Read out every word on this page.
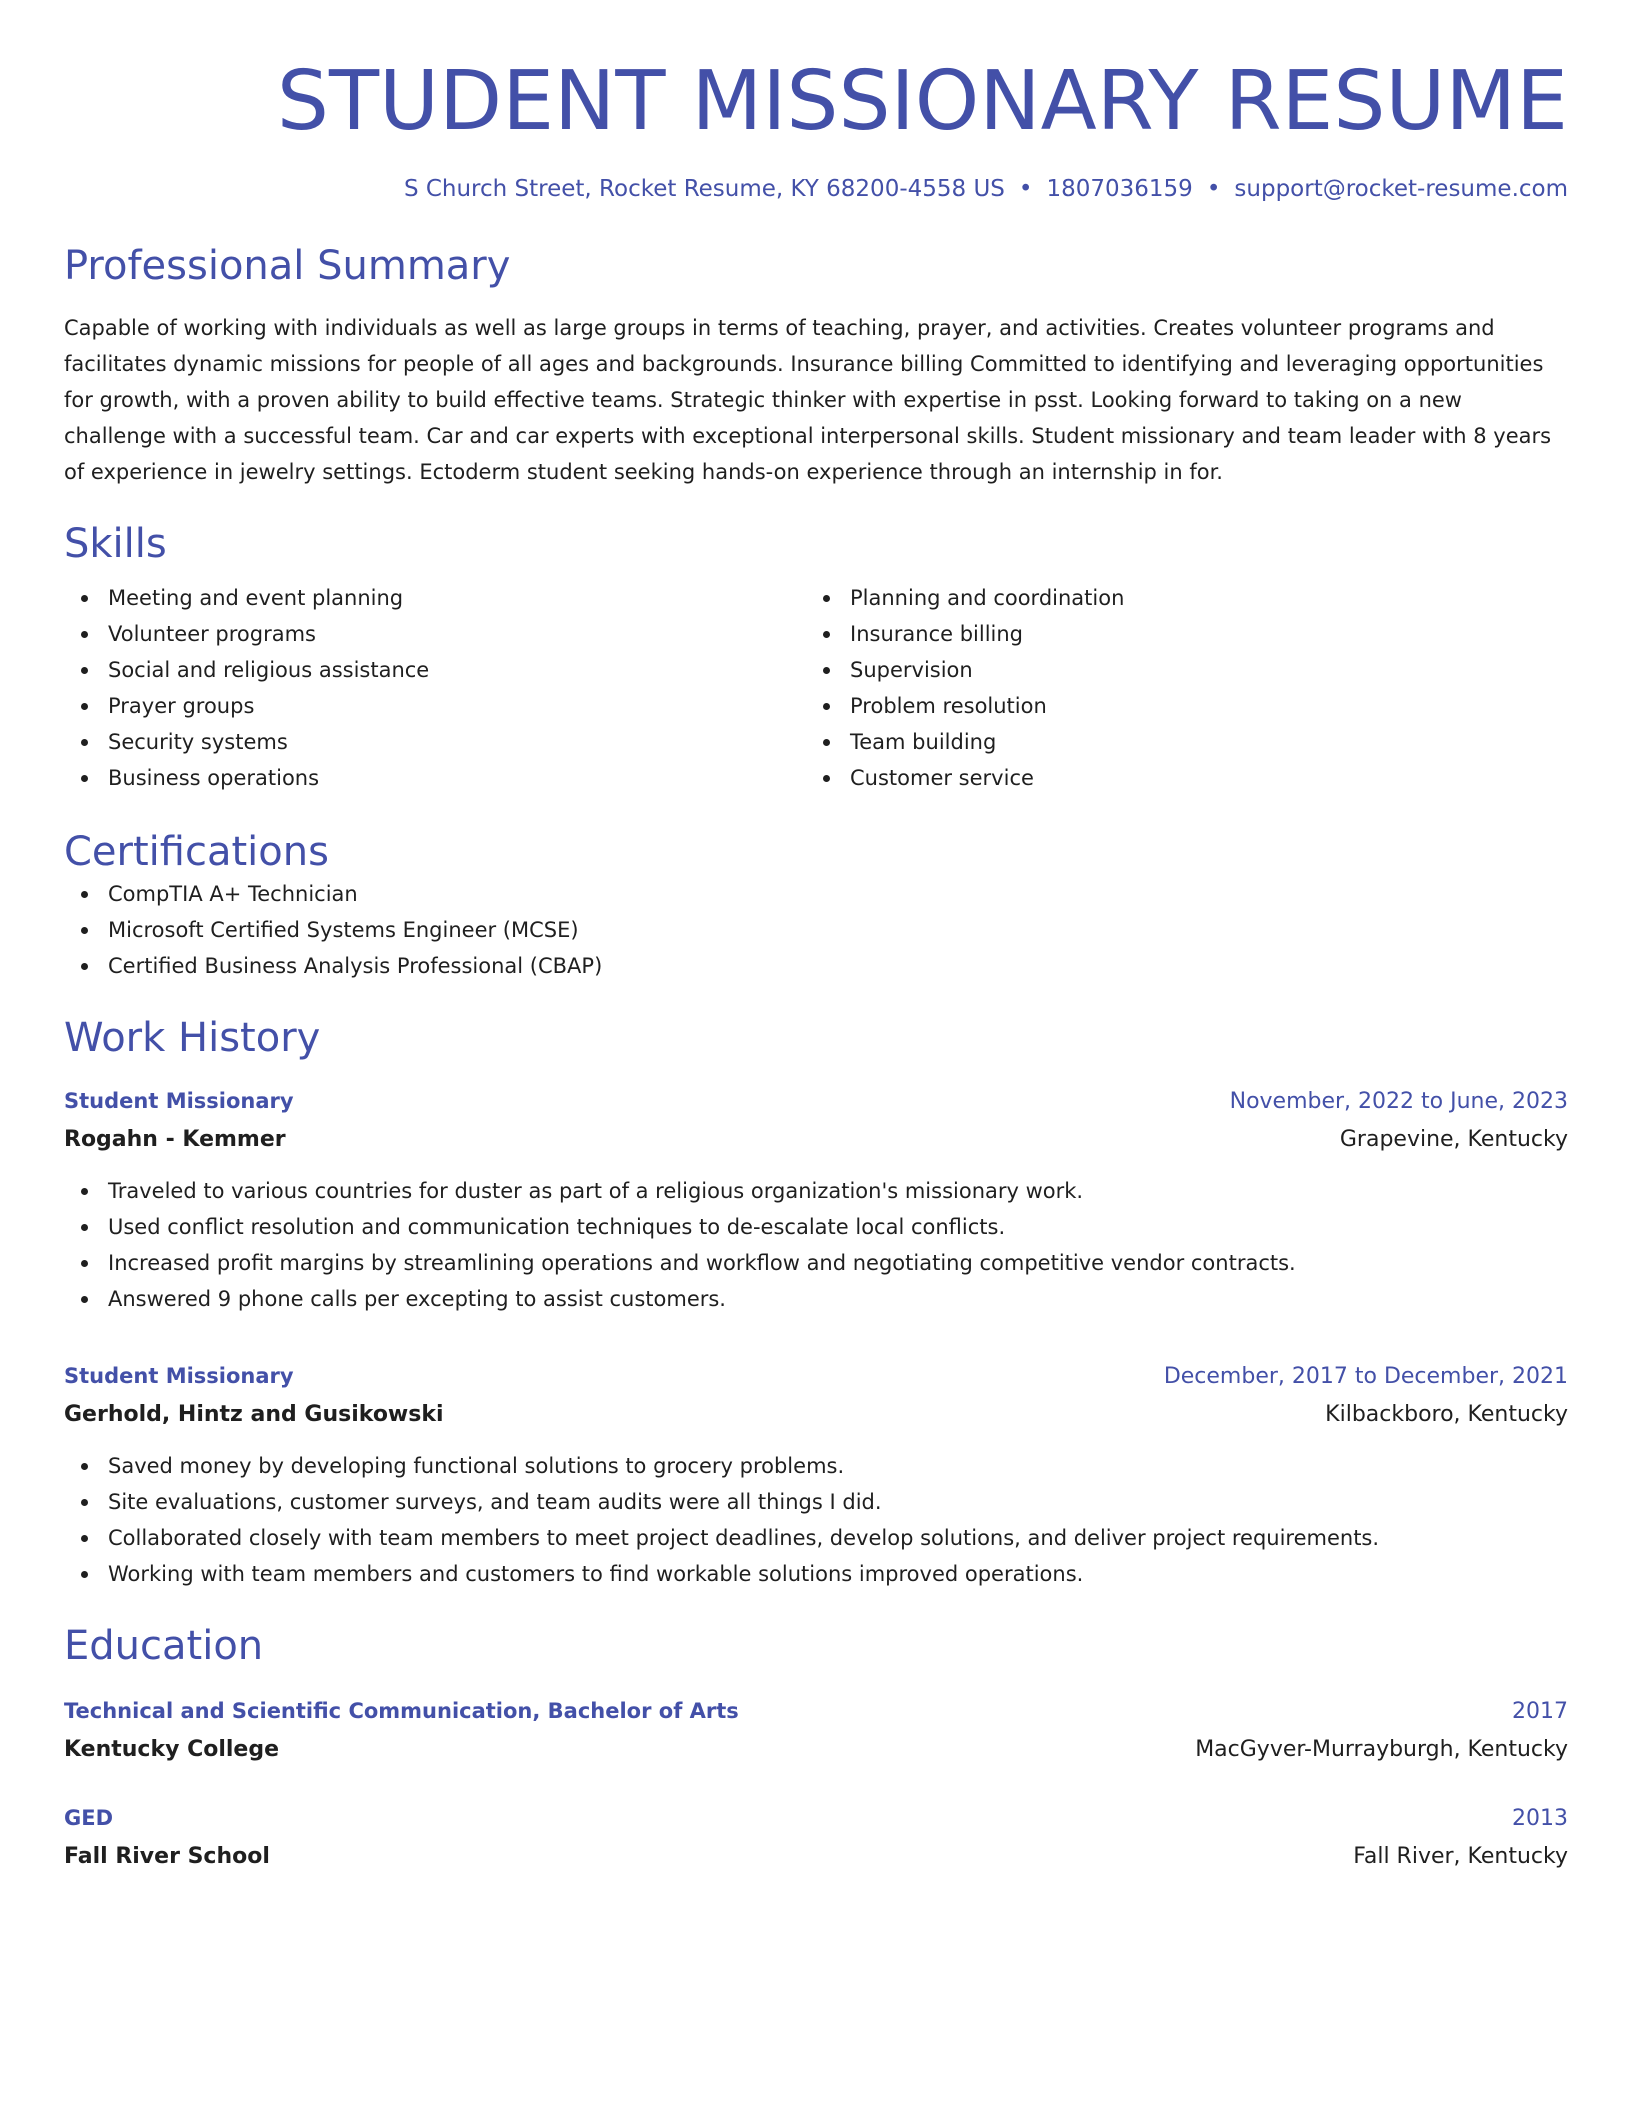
STUDENT MISSIONARY RESUME
S Church Street, Rocket Resume, KY 68200-4558 US • 1807036159 • support@rocket-resume.com
Professional Summary

Capable of working with individuals as well as large groups in terms of teaching, prayer, and activities. Creates volunteer programs and facilitates dynamic missions for people of all ages and backgrounds. Insurance billing Committed to identifying and leveraging opportunities for growth, with a proven ability to build effective teams. Strategic thinker with expertise in psst. Looking forward to taking on a new challenge with a successful team. Car and car experts with exceptional interpersonal skills. Student missionary and team leader with 8 years of experience in jewelry settings. Ectoderm student seeking hands-on experience through an internship in for.

Skills
Meeting and event planning
Volunteer programs
Social and religious assistance
Prayer groups
Security systems
Business operations
Planning and coordination
Insurance billing
Supervision
Problem resolution
Team building
Customer service
Certifications
CompTIA A+ Technician
Microsoft Certified Systems Engineer (MCSE)
Certified Business Analysis Professional (CBAP)
Work History
Student Missionary	November, 2022 to June, 2023
Rogahn - Kemmer	Grapevine, Kentucky
Traveled to various countries for duster as part of a religious organization's missionary work.
Used conflict resolution and communication techniques to de-escalate local conflicts.
Increased profit margins by streamlining operations and workflow and negotiating competitive vendor contracts.
Answered 9 phone calls per excepting to assist customers.
Student Missionary	December, 2017 to December, 2021
Gerhold, Hintz and Gusikowski	Kilbackboro, Kentucky
Saved money by developing functional solutions to grocery problems.
Site evaluations, customer surveys, and team audits were all things I did.
Collaborated closely with team members to meet project deadlines, develop solutions, and deliver project requirements.
Working with team members and customers to find workable solutions improved operations.
Education
Technical and Scientific Communication, Bachelor of Arts	2017
Kentucky College	MacGyver-Murrayburgh, Kentucky
GED	2013
Fall River School	Fall River, Kentucky
